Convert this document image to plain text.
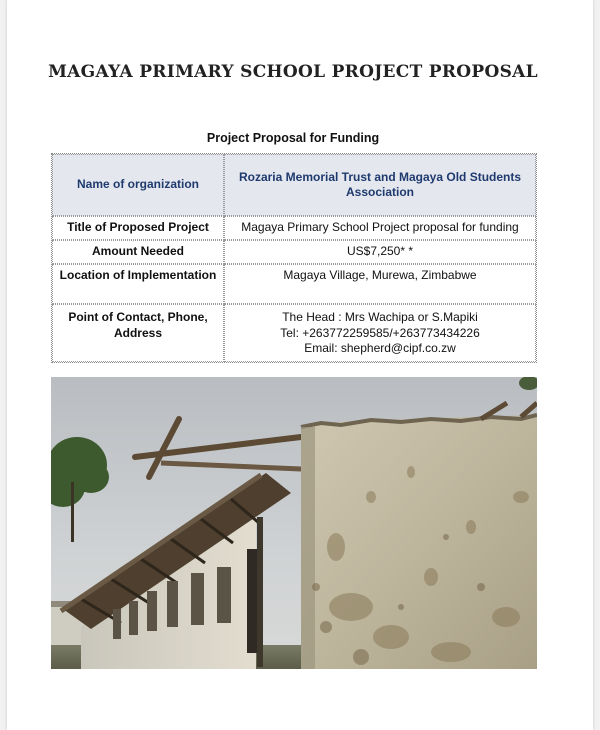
MAGAYA PRIMARY SCHOOL PROJECT PROPOSAL
Project Proposal for Funding
Name of organization	Rozaria Memorial Trust and Magaya Old Students Association
Title of Proposed Project	Magaya Primary School Project proposal for funding
Amount Needed	US$7,250* *
Location of Implementation	Magaya Village, Murewa, Zimbabwe
Point of Contact, Phone, Address	The Head : Mrs Wachipa or S.Mapiki
Tel: +263772259585/+263773434226
Email: shepherd@cipf.co.zw
